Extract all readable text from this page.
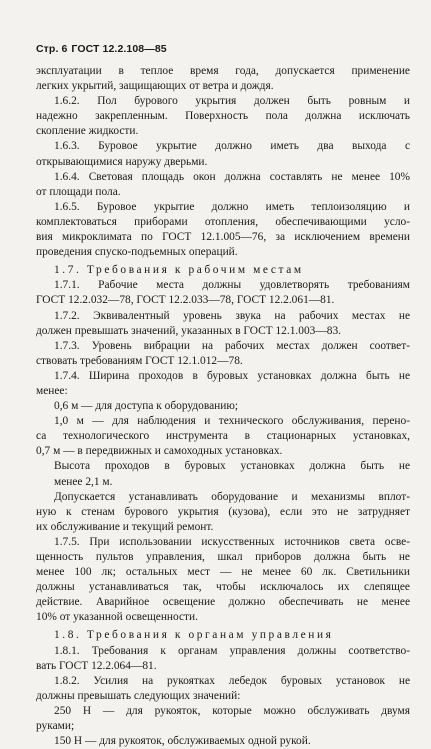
Стр. 6 ГОСТ 12.2.108—85
эксплуатации в теплое время года, допускается применение
легких укрытий, защищающих от ветра и дождя.
1.6.2. Пол бурового укрытия должен быть ровным и
надежно закрепленным. Поверхность пола должна исключать
скопление жидкости.
1.6.3. Буровое укрытие должно иметь два выхода с
открывающимися наружу дверьми.
1.6.4. Световая площадь окон должна составлять не менее 10%
от площади пола.
1.6.5. Буровое укрытие должно иметь теплоизоляцию и
комплектоваться приборами отопления, обеспечивающими усло-
вия микроклимата по ГОСТ 12.1.005—76, за исключением времени
проведения спуско-подъемных операций.
1.7. Требования к рабочим местам
1.7.1. Рабочие места должны удовлетворять требованиям
ГОСТ 12.2.032—78, ГОСТ 12.2.033—78, ГОСТ 12.2.061—81.
1.7.2. Эквивалентный уровень звука на рабочих местах не
должен превышать значений, указанных в ГОСТ 12.1.003—83.
1.7.3. Уровень вибрации на рабочих местах должен соответ-
ствовать требованиям ГОСТ 12.1.012—78.
1.7.4. Ширина проходов в буровых установках должна быть не
менее:
0,6 м — для доступа к оборудованию;
1,0 м — для наблюдения и технического обслуживания, перено-
са технологического инструмента в стационарных установках,
0,7 м — в передвижных и самоходных установках.
Высота проходов в буровых установках должна быть не
менее 2,1 м.
Допускается устанавливать оборудование и механизмы вплот-
ную к стенам бурового укрытия (кузова), если это не затрудняет
их обслуживание и текущий ремонт.
1.7.5. При использовании искусственных источников света осве-
щенность пультов управления, шкал приборов должна быть не
менее 100 лк; остальных мест — не менее 60 лк. Светильники
должны устанавливаться так, чтобы исключалось их слепящее
действие. Аварийное освещение должно обеспечивать не менее
10% от указанной освещенности.
1.8. Требования к органам управления
1.8.1. Требования к органам управления должны соответство-
вать ГОСТ 12.2.064—81.
1.8.2. Усилия на рукоятках лебедок буровых установок не
должны превышать следующих значений:
250 Н — для рукояток, которые можно обслуживать двумя
руками;
150 Н — для рукояток, обслуживаемых одной рукой.
